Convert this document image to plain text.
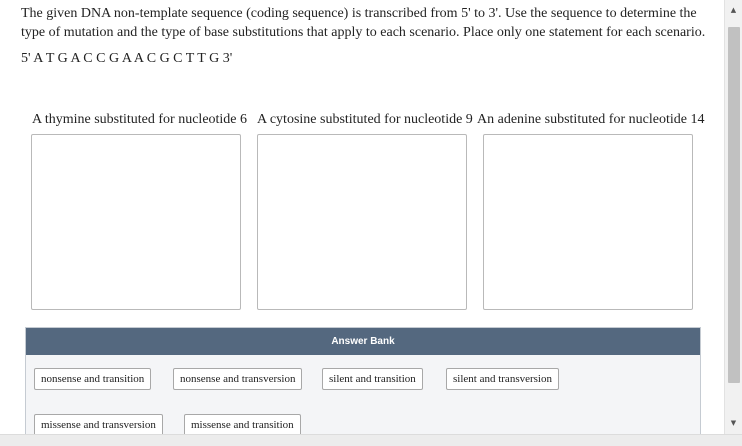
The given DNA non-template sequence (coding sequence) is transcribed from 5' to 3'. Use the sequence to determine the type of mutation and the type of base substitutions that apply to each scenario. Place only one statement for each scenario.
5' A T G A C C G A A C G C T T G 3'
A thymine substituted for nucleotide 6 A cytosine substituted for nucleotide 9 An adenine substituted for nucleotide 14
Answer Bank
nonsense and transition	nonsense and transversion	silent and transition	silent and transversion
missense and transversion	missense and transition
▲
▼
